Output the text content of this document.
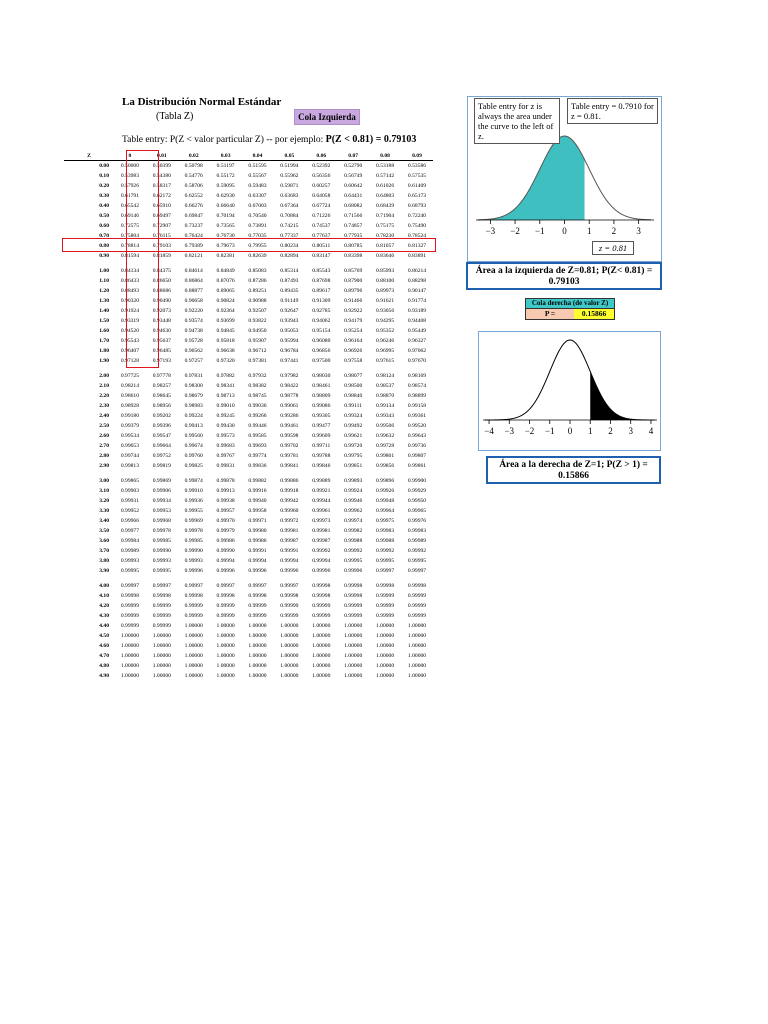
La Distribución Normal Estándar
(Tabla Z)	Cola Izquierda
Table entry: P(Z < valor particular Z) -- por ejemplo: P(Z < 0.81) = 0.79103
Z	0	0.01	0.02	0.03	0.04	0.05	0.06	0.07	0.08	0.09
0.00	0.50000	0.50399	0.50798	0.51197	0.51595	0.51994	0.52392	0.52790	0.53188	0.53586
0.10	0.53983	0.54380	0.54776	0.55172	0.55567	0.55962	0.56356	0.56749	0.57142	0.57535
0.20	0.57926	0.58317	0.58706	0.59095	0.59483	0.59871	0.60257	0.60642	0.61026	0.61409
0.30	0.61791	0.62172	0.62552	0.62930	0.63307	0.63683	0.64058	0.64431	0.64803	0.65173
0.40	0.65542	0.65910	0.66276	0.66640	0.67003	0.67364	0.67724	0.68082	0.68439	0.68793
0.50	0.69146	0.69497	0.69847	0.70194	0.70540	0.70884	0.71226	0.71566	0.71904	0.72240
0.60	0.72575	0.72907	0.73237	0.73565	0.73891	0.74215	0.74537	0.74857	0.75175	0.75490
0.70	0.75804	0.76115	0.76424	0.76730	0.77035	0.77337	0.77637	0.77935	0.78230	0.78524
0.80	0.78814	0.79103	0.79389	0.79673	0.79955	0.80234	0.80511	0.80785	0.81057	0.81327
0.90	0.81594	0.81859	0.82121	0.82381	0.82639	0.82894	0.83147	0.83398	0.83646	0.83891

1.00	0.84134	0.84375	0.84614	0.84849	0.85083	0.85314	0.85543	0.85769	0.85993	0.86214
1.10	0.86433	0.86650	0.86864	0.87076	0.87286	0.87493	0.87698	0.87900	0.88100	0.88298
1.20	0.88493	0.88686	0.88877	0.89065	0.89251	0.89435	0.89617	0.89796	0.89973	0.90147
1.30	0.90320	0.90490	0.90658	0.90824	0.90988	0.91149	0.91309	0.91466	0.91621	0.91774
1.40	0.91924	0.92073	0.92220	0.92364	0.92507	0.92647	0.92785	0.92922	0.93056	0.93189
1.50	0.93319	0.93448	0.93574	0.93699	0.93822	0.93943	0.94062	0.94179	0.94295	0.94408
1.60	0.94520	0.94630	0.94738	0.94845	0.94950	0.95053	0.95154	0.95254	0.95352	0.95449
1.70	0.95543	0.95637	0.95728	0.95818	0.95907	0.95994	0.96080	0.96164	0.96246	0.96327
1.80	0.96407	0.96485	0.96562	0.96638	0.96712	0.96784	0.96856	0.96926	0.96995	0.97062
1.90	0.97128	0.97193	0.97257	0.97320	0.97381	0.97441	0.97500	0.97558	0.97615	0.97670

2.00	0.97725	0.97778	0.97831	0.97882	0.97932	0.97982	0.98030	0.98077	0.98124	0.98169
2.10	0.98214	0.98257	0.98300	0.98341	0.98382	0.98422	0.98461	0.98500	0.98537	0.98574
2.20	0.98610	0.98645	0.98679	0.98713	0.98745	0.98778	0.98809	0.98840	0.98870	0.98899
2.30	0.98928	0.98956	0.98983	0.99010	0.99036	0.99061	0.99086	0.99111	0.99134	0.99158
2.40	0.99180	0.99202	0.99224	0.99245	0.99266	0.99286	0.99305	0.99324	0.99343	0.99361
2.50	0.99379	0.99396	0.99413	0.99430	0.99446	0.99461	0.99477	0.99492	0.99506	0.99520
2.60	0.99534	0.99547	0.99560	0.99573	0.99585	0.99598	0.99609	0.99621	0.99632	0.99643
2.70	0.99653	0.99664	0.99674	0.99683	0.99693	0.99702	0.99711	0.99720	0.99728	0.99736
2.80	0.99744	0.99752	0.99760	0.99767	0.99774	0.99781	0.99788	0.99795	0.99801	0.99807
2.90	0.99813	0.99819	0.99825	0.99831	0.99836	0.99841	0.99846	0.99851	0.99856	0.99861

3.00	0.99865	0.99869	0.99874	0.99878	0.99882	0.99886	0.99889	0.99893	0.99896	0.99900
3.10	0.99903	0.99906	0.99910	0.99913	0.99916	0.99918	0.99921	0.99924	0.99926	0.99929
3.20	0.99931	0.99934	0.99936	0.99938	0.99940	0.99942	0.99944	0.99946	0.99948	0.99950
3.30	0.99952	0.99953	0.99955	0.99957	0.99958	0.99960	0.99961	0.99962	0.99964	0.99965
3.40	0.99966	0.99968	0.99969	0.99970	0.99971	0.99972	0.99973	0.99974	0.99975	0.99976
3.50	0.99977	0.99978	0.99978	0.99979	0.99980	0.99981	0.99981	0.99982	0.99983	0.99983
3.60	0.99984	0.99985	0.99985	0.99986	0.99986	0.99987	0.99987	0.99988	0.99988	0.99989
3.70	0.99989	0.99990	0.99990	0.99990	0.99991	0.99991	0.99992	0.99992	0.99992	0.99992
3.80	0.99993	0.99993	0.99993	0.99994	0.99994	0.99994	0.99994	0.99995	0.99995	0.99995
3.90	0.99995	0.99995	0.99996	0.99996	0.99996	0.99996	0.99996	0.99996	0.99997	0.99997

4.00	0.99997	0.99997	0.99997	0.99997	0.99997	0.99997	0.99998	0.99998	0.99998	0.99998
4.10	0.99998	0.99998	0.99998	0.99998	0.99998	0.99998	0.99998	0.99998	0.99999	0.99999
4.20	0.99999	0.99999	0.99999	0.99999	0.99999	0.99999	0.99999	0.99999	0.99999	0.99999
4.30	0.99999	0.99999	0.99999	0.99999	0.99999	0.99999	0.99999	0.99999	0.99999	0.99999
4.40	0.99999	0.99999	1.00000	1.00000	1.00000	1.00000	1.00000	1.00000	1.00000	1.00000
4.50	1.00000	1.00000	1.00000	1.00000	1.00000	1.00000	1.00000	1.00000	1.00000	1.00000
4.60	1.00000	1.00000	1.00000	1.00000	1.00000	1.00000	1.00000	1.00000	1.00000	1.00000
4.70	1.00000	1.00000	1.00000	1.00000	1.00000	1.00000	1.00000	1.00000	1.00000	1.00000
4.80	1.00000	1.00000	1.00000	1.00000	1.00000	1.00000	1.00000	1.00000	1.00000	1.00000
4.90	1.00000	1.00000	1.00000	1.00000	1.00000	1.00000	1.00000	1.00000	1.00000	1.00000
−3 −2 −1 0 1 2 3
Table entry for z is always the area under the curve to the left of z.
Table entry = 0.7910 for z = 0.81.
z = 0.81
Área a la izquierda de Z=0.81; P(Z< 0.81) = 0.79103
Cola derecha (de valor Z)
P =	0.15866
−4 −3 −2 −1 0 1 2 3 4
Área a la derecha de Z=1; P(Z > 1) = 0.15866
